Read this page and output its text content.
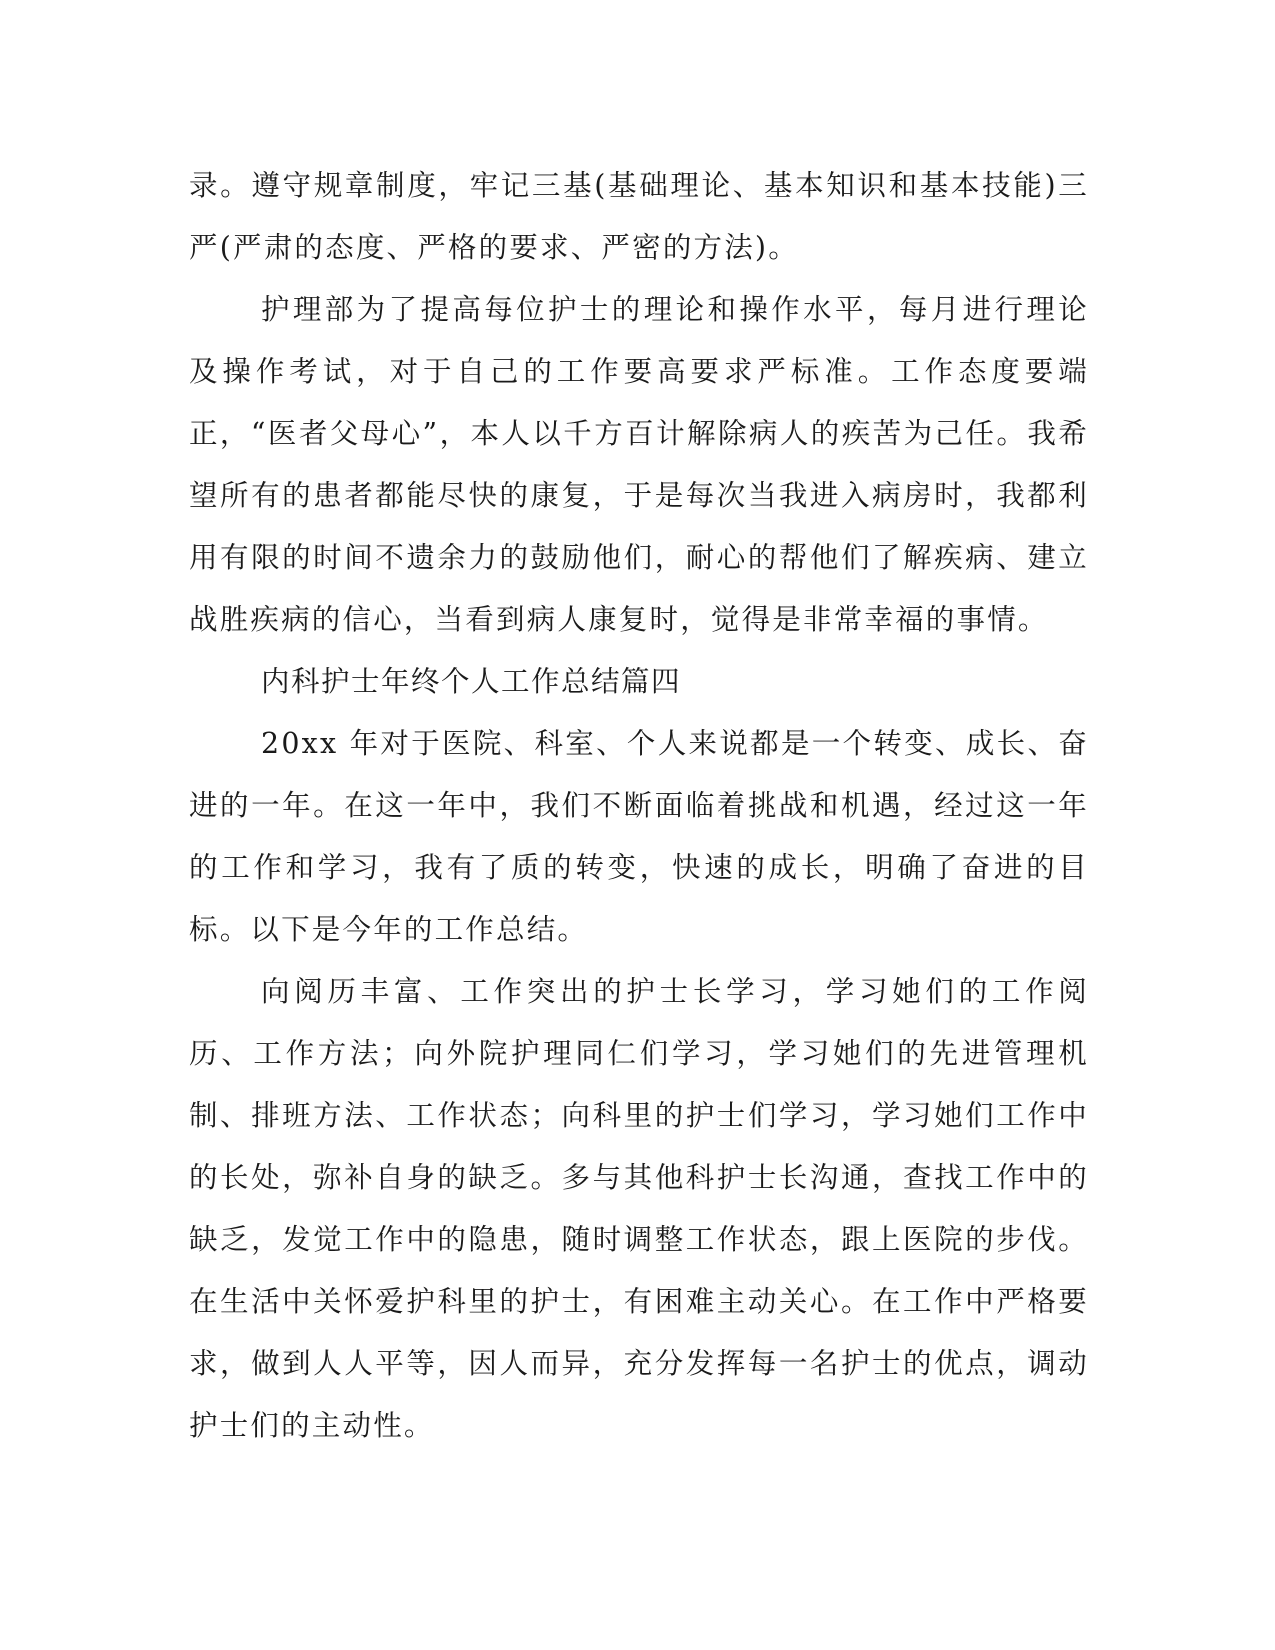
录。遵守规章制度，牢记三基(基础理论、基本知识和基本技能)三严(严肃的态度、严格的要求、严密的方法)。

护理部为了提高每位护士的理论和操作水平，每月进行理论及操作考试，对于自己的工作要高要求严标准。工作态度要端正，“医者父母心”，本人以千方百计解除病人的疾苦为己任。我希望所有的患者都能尽快的康复，于是每次当我进入病房时，我都利用有限的时间不遗余力的鼓励他们，耐心的帮他们了解疾病、建立战胜疾病的信心，当看到病人康复时，觉得是非常幸福的事情。

内科护士年终个人工作总结篇四

20xx 年对于医院、科室、个人来说都是一个转变、成长、奋进的一年。在这一年中，我们不断面临着挑战和机遇，经过这一年的工作和学习，我有了质的转变，快速的成长，明确了奋进的目标。以下是今年的工作总结。

向阅历丰富、工作突出的护士长学习，学习她们的工作阅历、工作方法；向外院护理同仁们学习，学习她们的先进管理机制、排班方法、工作状态；向科里的护士们学习，学习她们工作中的长处，弥补自身的缺乏。多与其他科护士长沟通，查找工作中的缺乏，发觉工作中的隐患，随时调整工作状态，跟上医院的步伐。在生活中关怀爱护科里的护士，有困难主动关心。在工作中严格要求，做到人人平等，因人而异，充分发挥每一名护士的优点，调动护士们的主动性。
